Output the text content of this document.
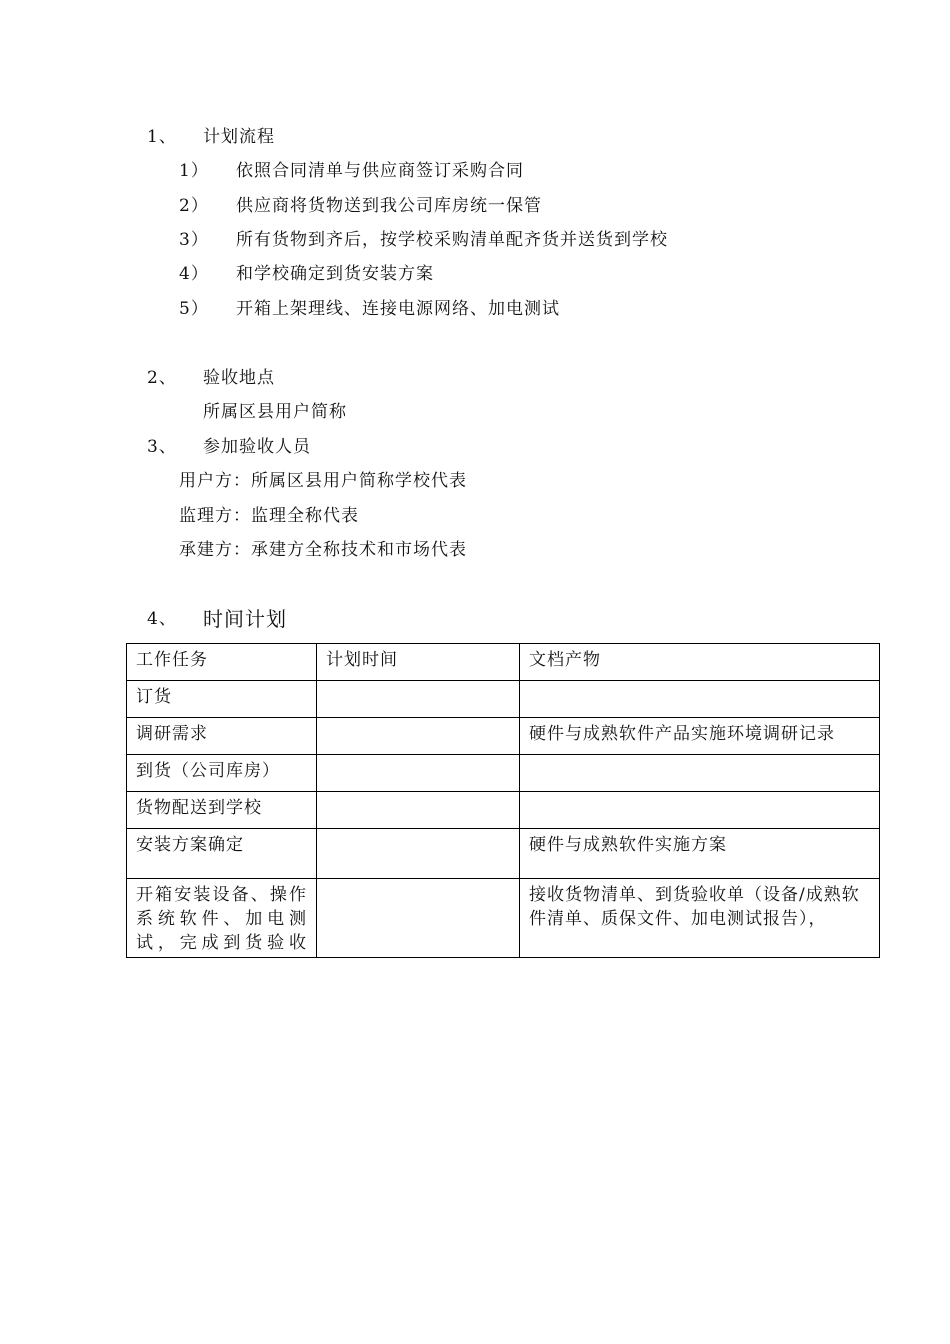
1、 计划流程
1） 依照合同清单与供应商签订采购合同
2） 供应商将货物送到我公司库房统一保管
3） 所有货物到齐后，按学校采购清单配齐货并送货到学校
4） 和学校确定到货安装方案
5） 开箱上架理线、连接电源网络、加电测试
2、 验收地点
所属区县用户简称
3、 参加验收人员
用户方：所属区县用户简称学校代表
监理方：监理全称代表
承建方：承建方全称技术和市场代表
4、 时间计划
工作任务	计划时间	文档产物
订货		
调研需求		硬件与成熟软件产品实施环境调研记录
到货（公司库房）		
货物配送到学校		
安装方案确定		硬件与成熟软件实施方案
开箱安装设备、操作系统软件、加电测试，完成到货验收		接收货物清单、到货验收单（设备/成熟软件清单、质保文件、加电测试报告），
